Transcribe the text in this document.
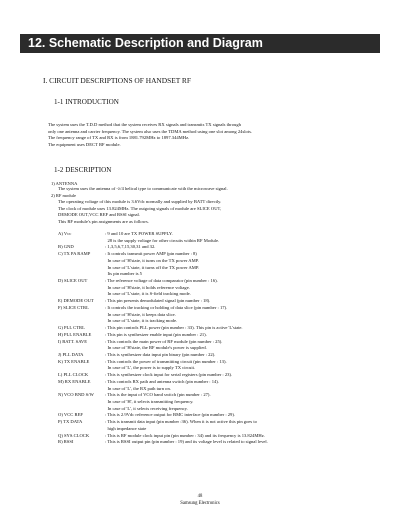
12. Schematic Description and Diagram
I. CIRCUIT DESCRIPTIONS OF HANDSET RF
1-1 INTRODUCTION
The system uses the T.D.D method that the system receives RX signals and transmits TX signals through
only one antenna and carrier frequency. The system also uses the TDMA method using one slot among 24slots.
The frequency range of TX and RX is from 1881.792MHz to 1897.344MHz.
The equipment uses DECT RF module.
1-2 DESCRIPTION
1) ANTENNA
The system uses the antenna of -λ/4 helical type to communicate with the microwave signal.
2) RF module
The operating voltage of this module is 3.6Vdc normally and supplied by BATT directly.
The clock of module uses 13.824MHz. The outgoing signals of module are SLICE OUT,
DEMODE OUT,VCC REF and RSSI signal.
This RF module's pin assignments are as follows.
A) Vcc	: 9 and 10 are TX POWER SUPPLY.
	28 is the supply voltage for other circuits within RF Module.
B) GND	: 1,3,5,6,7,15,30,31 and 32.
C) TX PA RAMP	: It controls transmit power AMP (pin number : 8)
	In case of 'H'state, it turns on the TX power AMP.
	In case of 'L'state, it turns off the TX power AMP.
	Its pin number is 5
D) SLICE OUT	: The reference voltage of data comparator (pin number : 16).
	In case of 'H'state, it holds reference voltage.
	In case of 'L'state, it is S-field tracking mode.
E) DEMODE OUT	: This pin presents demodulated signal (pin number : 18).
F) SLICE CTRL	: It controls the tracking or holding of data slice (pin number : 17).
	In case of 'H'state, it keeps data slice.
	In case of 'L'state, it is tracking mode.
G) PLL CTRL	: This pin controls PLL power (pin number : 33). This pin is active 'L'state.
H) PLL ENABLE	: This pin is synthesizer enable input (pin number : 21).
I) BATT. SAVE	: This controls the main power of RF module (pin number : 25).
	In case of 'H'state, the RF module's power is supplied.
J) PLL DATA	: This is synthesizer data input pin binary (pin number : 22).
K) TX ENABLE	: This controls the power of transmitting circuit (pin number : 13).
	In case of 'L', the power is to supply TX circuit.
L) PLL CLOCK	: This is synthesizer clock input for serial registers (pin number : 23).
M) RX ENABLE	: This controls RX path and antenna switch (pin number : 14).
	In case of 'L', the RX path turn on.
N) VCO BND S/W	: This is the input of VCO band switch (pin number : 27).
	In case of 'H', it selects transmitting frequency.
	In case of 'L', it selects receiving frequency.
O) VCC REF	: This is 2.9Vdc reference output for BMC interface (pin number : 29).
P) TX DATA	: This is transmit data input (pin number :36). When it is not active this pin goes to
	high impedance state
Q) SYS.CLOCK	: This is RF module clock input pin (pin number : 34) and its frequency is 13.824MHz.
R) RSSI	: This is RSSI output pin (pin number : 19) and its voltage level is related to signal level.
48
Samsung Electronics
